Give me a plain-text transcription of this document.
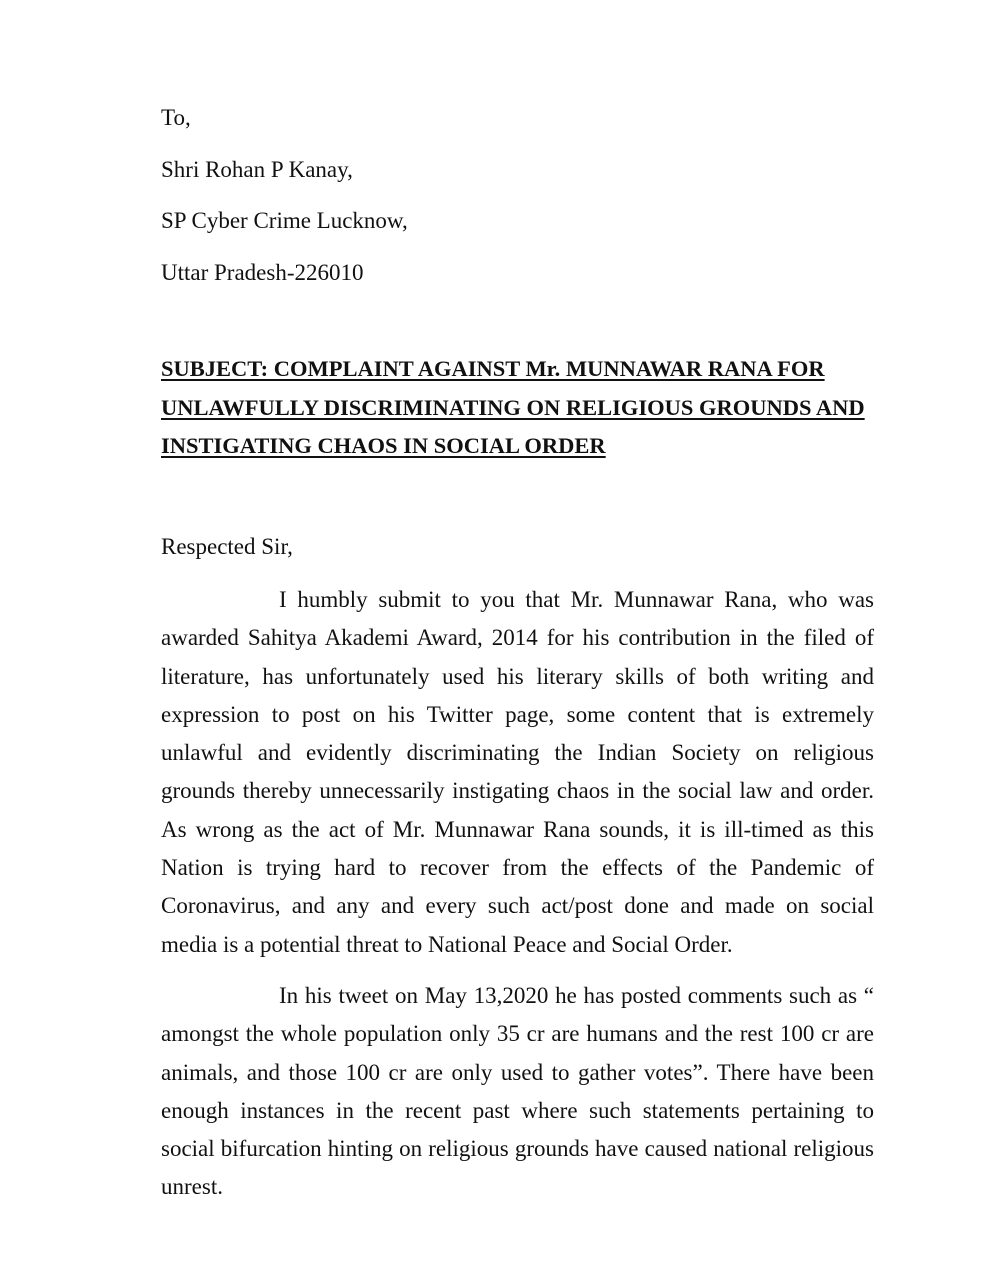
To,
Shri Rohan P Kanay,
SP Cyber Crime Lucknow,
Uttar Pradesh-226010
SUBJECT: COMPLAINT AGAINST Mr. MUNNAWAR RANA FOR UNLAWFULLY DISCRIMINATING ON RELIGIOUS GROUNDS AND INSTIGATING CHAOS IN SOCIAL ORDER
Respected Sir,

I humbly submit to you that Mr. Munnawar Rana, who was awarded Sahitya Akademi Award, 2014 for his contribution in the filed of literature, has unfortunately used his literary skills of both writing and expression to post on his Twitter page, some content that is extremely unlawful and evidently discriminating the Indian Society on religious grounds thereby unnecessarily instigating chaos in the social law and order. As wrong as the act of Mr. Munnawar Rana sounds, it is ill-timed as this Nation is trying hard to recover from the effects of the Pandemic of Coronavirus, and any and every such act/post done and made on social media is a potential threat to National Peace and Social Order.

In his tweet on May 13,2020 he has posted comments such as “ amongst the whole population only 35 cr are humans and the rest 100 cr are animals, and those 100 cr are only used to gather votes”. There have been enough instances in the recent past where such statements pertaining to social bifurcation hinting on religious grounds have caused national religious unrest.
